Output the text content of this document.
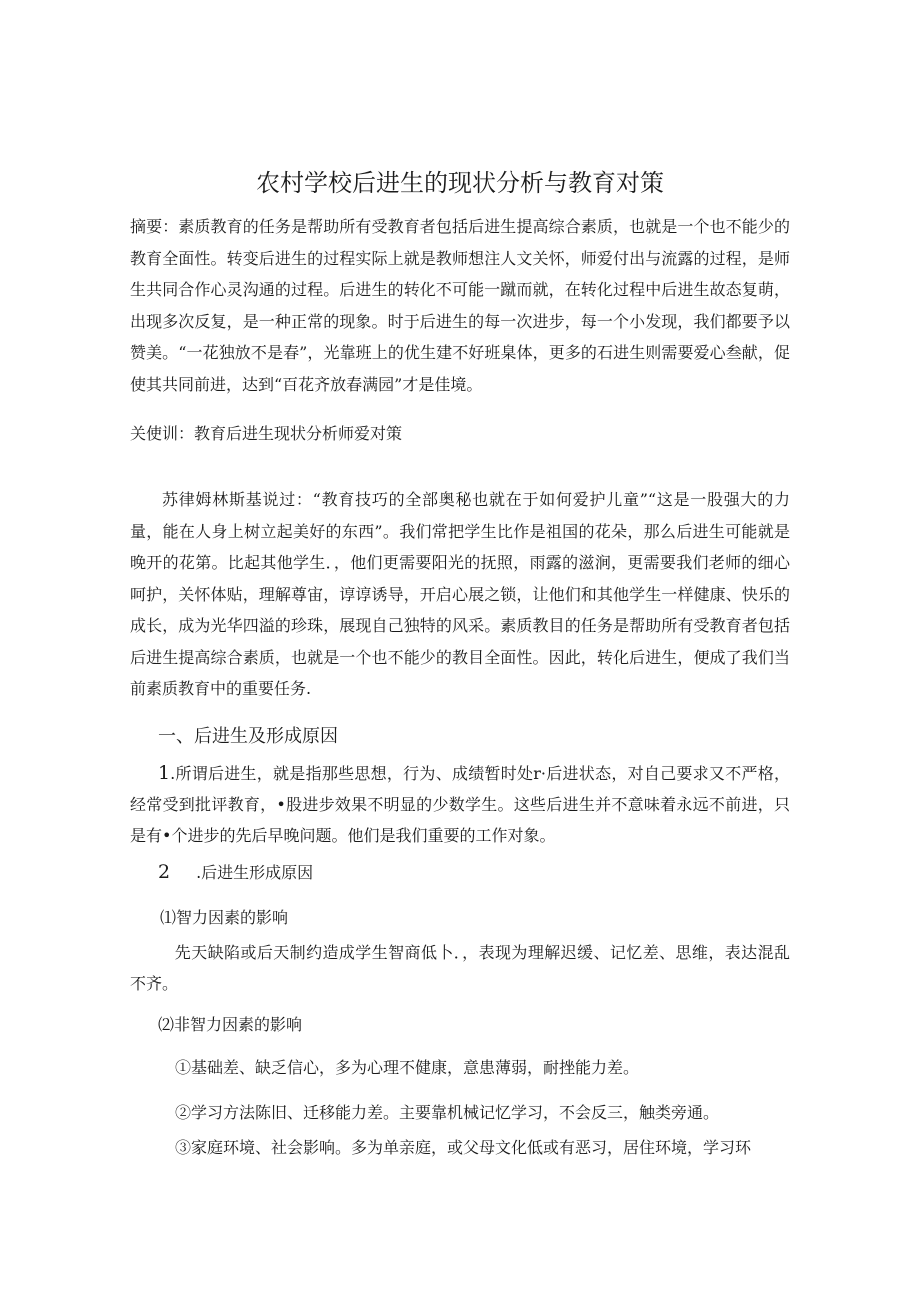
农村学校后进生的现状分析与教育对策

摘要：素质教育的任务是帮助所有受教育者包括后进生提高综合素质，也就是一个也不能少的教育全面性。转变后进生的过程实际上就是教师想注人文关怀，师爱付出与流露的过程，是师生共同合作心灵沟通的过程。后进生的转化不可能一蹴而就，在转化过程中后进生故态复萌，出现多次反复，是一种正常的现象。时于后进生的每一次进步，每一个小发现，我们都要予以赞美。“一花独放不是春”，光靠班上的优生建不好班臬体，更多的石进生则需要爱心叁献，促使其共同前进，达到“百花齐放春满园”才是佳境。

关使训：教育后进生现状分析师爱对策

苏律姆林斯基说过：“教育技巧的全部奥秘也就在于如何爱护儿童”“这是一股强大的力量，能在人身上树立起美好的东西”。我们常把学生比作是祖国的花朵，那么后进生可能就是晚开的花第。比起其他学生．，他们更需要阳光的抚照，雨露的滋涧，更需要我们老师的细心呵护，关怀体贴，理解尊宙，谆谆诱导，开启心展之锁，让他们和其他学生一样健康、快乐的成长，成为光华四溢的珍珠，展现自己独特的风采。素质教目的任务是帮助所有受教育者包括后进生提高综合素质，也就是一个也不能少的教目全面性。因此，转化后进生，便成了我们当前素质教育中的重要任务.

一、后进生及形成原因

1.所谓后进生，就是指那些思想，行为、成绩暂时处r·后进状态，对自己要求又不严格，经常受到批评教育，•股进步效果不明显的少数学生。这些后进生并不意味着永远不前进，只是有•个进步的先后早晚问题。他们是我们重要的工作对象。

2 .后进生形成原因
⑴智力因素的影响

先天缺陷或后天制约造成学生智商低卜．，表现为理解迟缓、记忆差、思维，表达混乱不齐。

⑵非智力因素的影响
①基础差、缺乏信心，多为心理不健康，意患薄弱，耐挫能力差。
②学习方法陈旧、迁移能力差。主要靠机械记忆学习，不会反三，触类旁通。
③家庭环境、社会影响。多为单亲庭，或父母文化低或有恶习，居住环境，学习环
